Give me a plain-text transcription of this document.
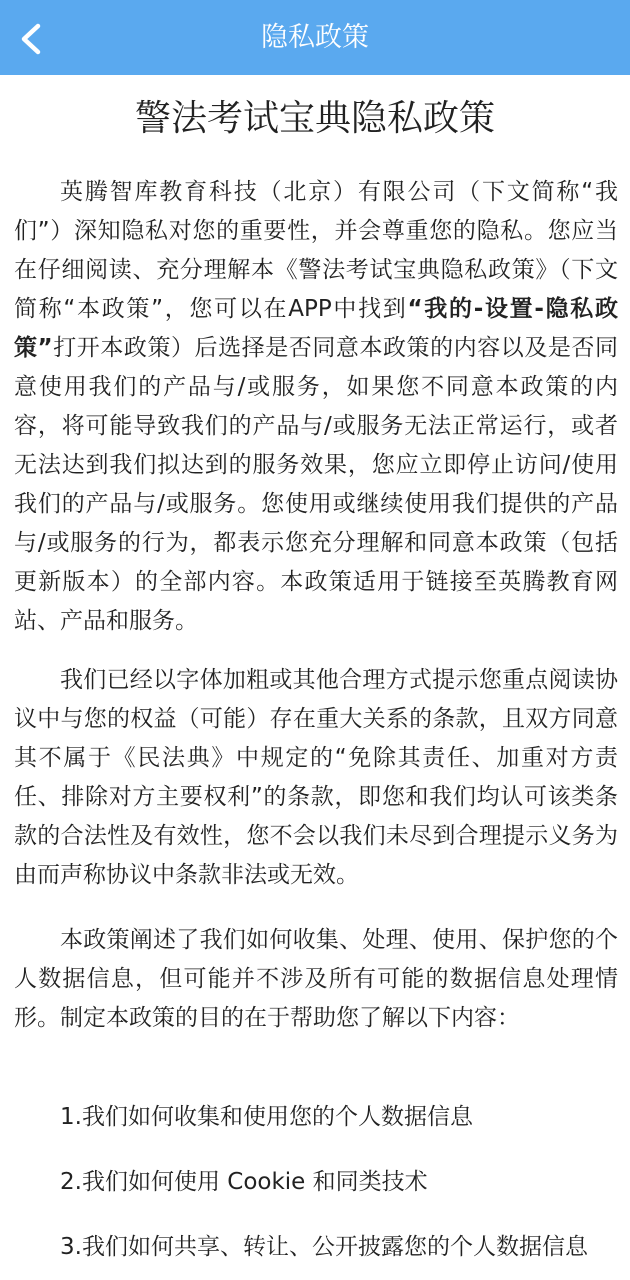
隐私政策
警法考试宝典隐私政策

英腾智库教育科技（北京）有限公司（下文简称“我们”）深知隐私对您的重要性，并会尊重您的隐私。您应当在仔细阅读、充分理解本《警法考试宝典隐私政策》（下文简称“本政策”，您可以在APP中找到“我的-设置-隐私政策”打开本政策）后选择是否同意本政策的内容以及是否同意使用我们的产品与/或服务，如果您不同意本政策的内容，将可能导致我们的产品与/或服务无法正常运行，或者无法达到我们拟达到的服务效果，您应立即停止访问/使用我们的产品与/或服务。您使用或继续使用我们提供的产品与/或服务的行为，都表示您充分理解和同意本政策（包括更新版本）的全部内容。本政策适用于链接至英腾教育网站、产品和服务。

我们已经以字体加粗或其他合理方式提示您重点阅读协议中与您的权益（可能）存在重大关系的条款，且双方同意其不属于《民法典》中规定的“免除其责任、加重对方责任、排除对方主要权利”的条款，即您和我们均认可该类条款的合法性及有效性，您不会以我们未尽到合理提示义务为由而声称协议中条款非法或无效。

本政策阐述了我们如何收集、处理、使用、保护您的个人数据信息，但可能并不涉及所有可能的数据信息处理情形。制定本政策的目的在于帮助您了解以下内容：

1.我们如何收集和使用您的个人数据信息

2.我们如何使用 Cookie 和同类技术

3.我们如何共享、转让、公开披露您的个人数据信息
